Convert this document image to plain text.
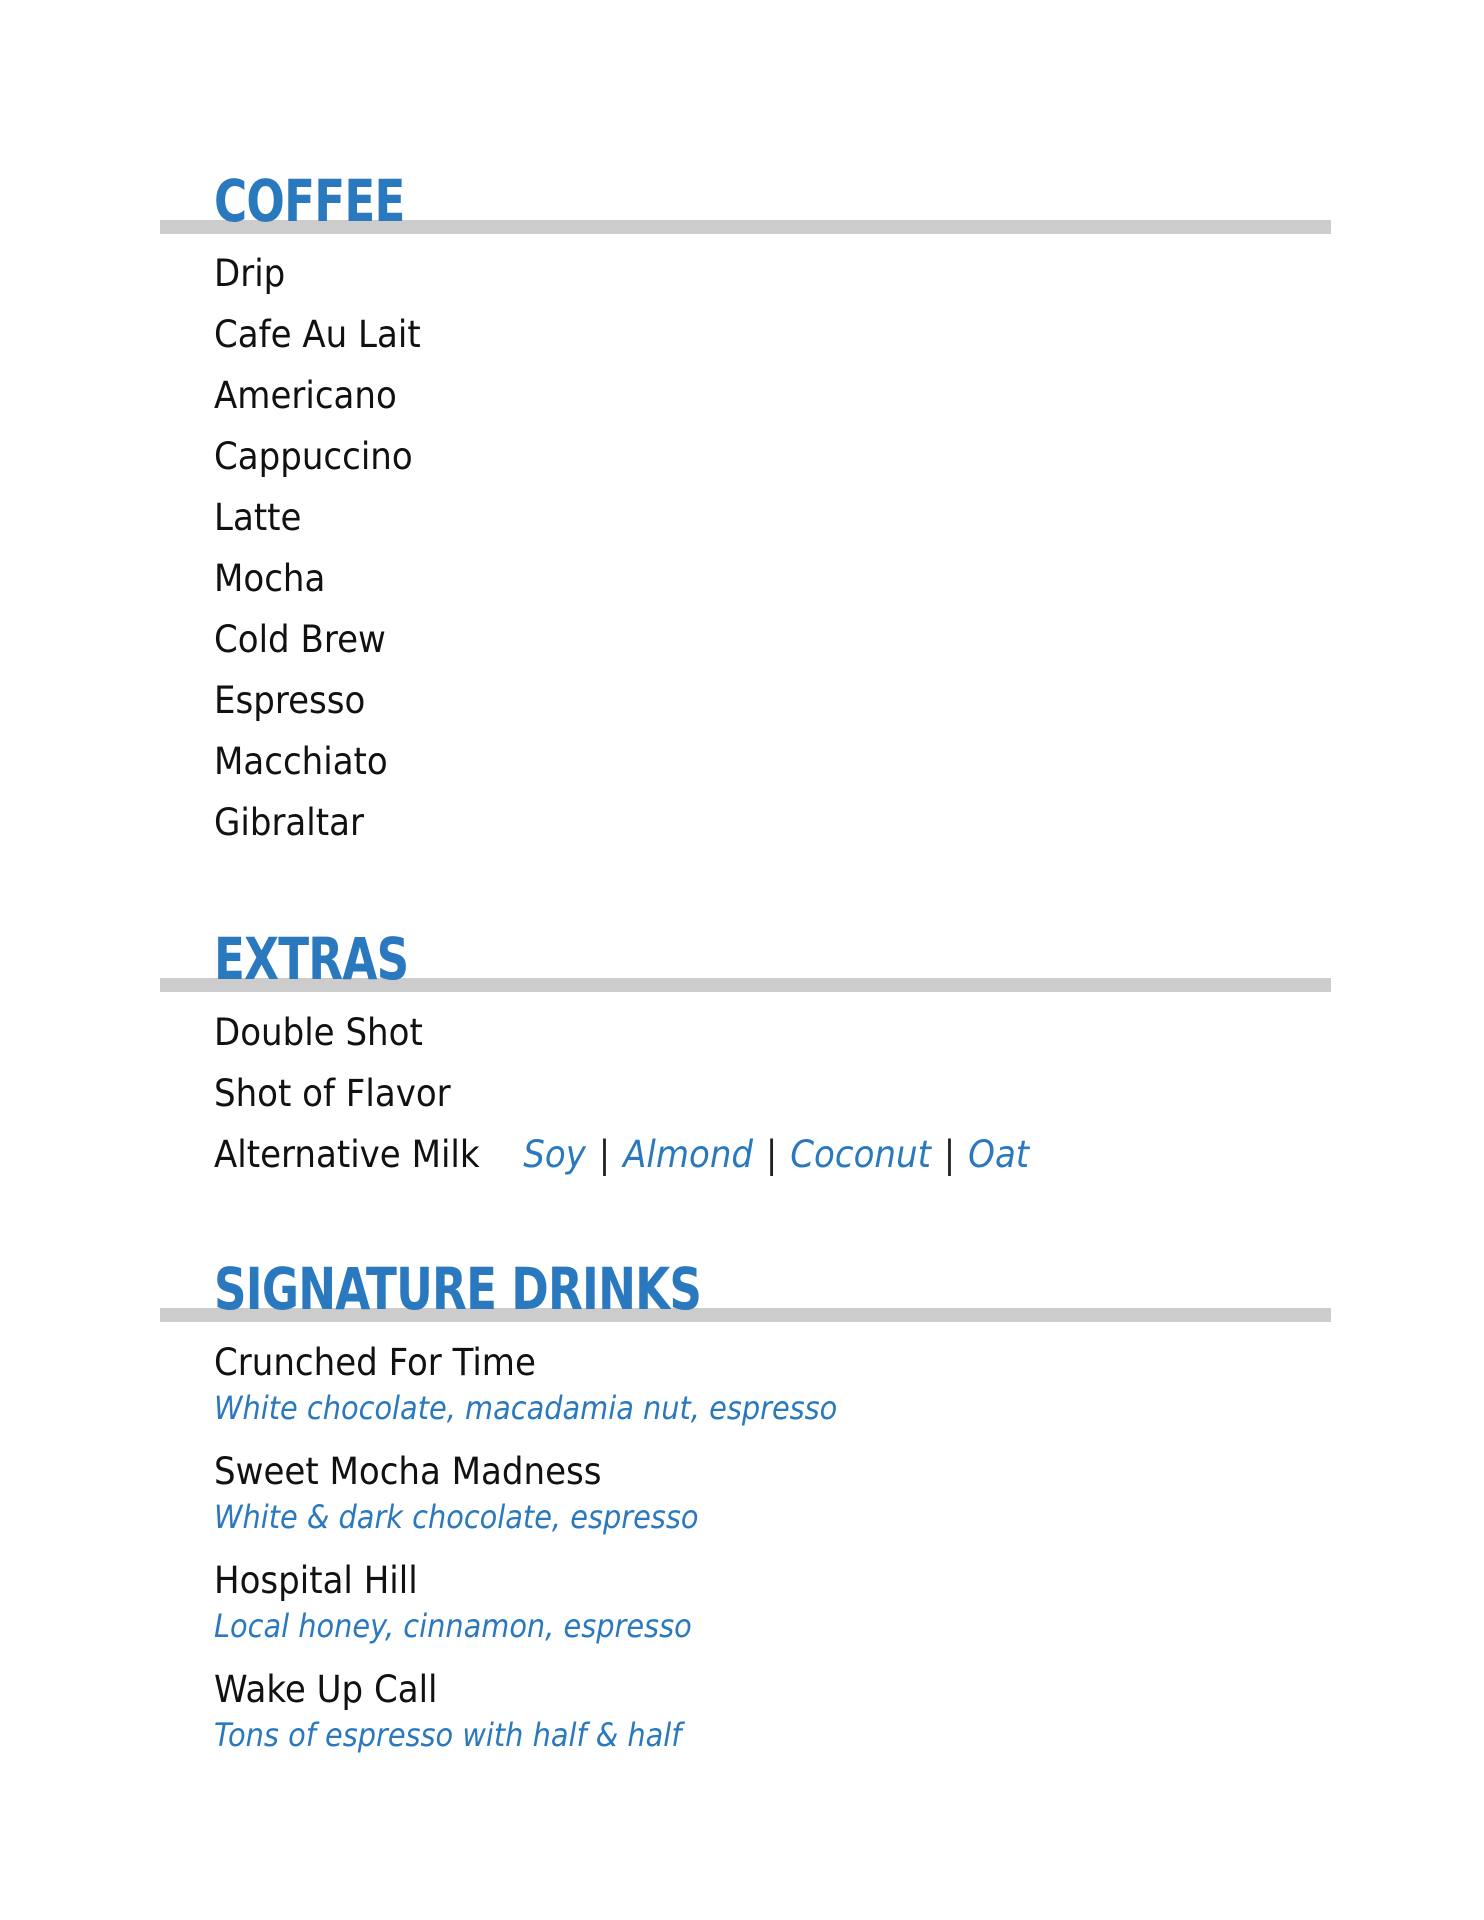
COFFEE
Drip
Cafe Au Lait
Americano
Cappuccino
Latte
Mocha
Cold Brew
Espresso
Macchiato
Gibraltar
EXTRAS
Double Shot
Shot of Flavor
Alternative Milk Soy | Almond | Coconut | Oat
SIGNATURE DRINKS
Crunched For Time
White chocolate, macadamia nut, espresso
Sweet Mocha Madness
White & dark chocolate, espresso
Hospital Hill
Local honey, cinnamon, espresso
Wake Up Call
Tons of espresso with half & half
